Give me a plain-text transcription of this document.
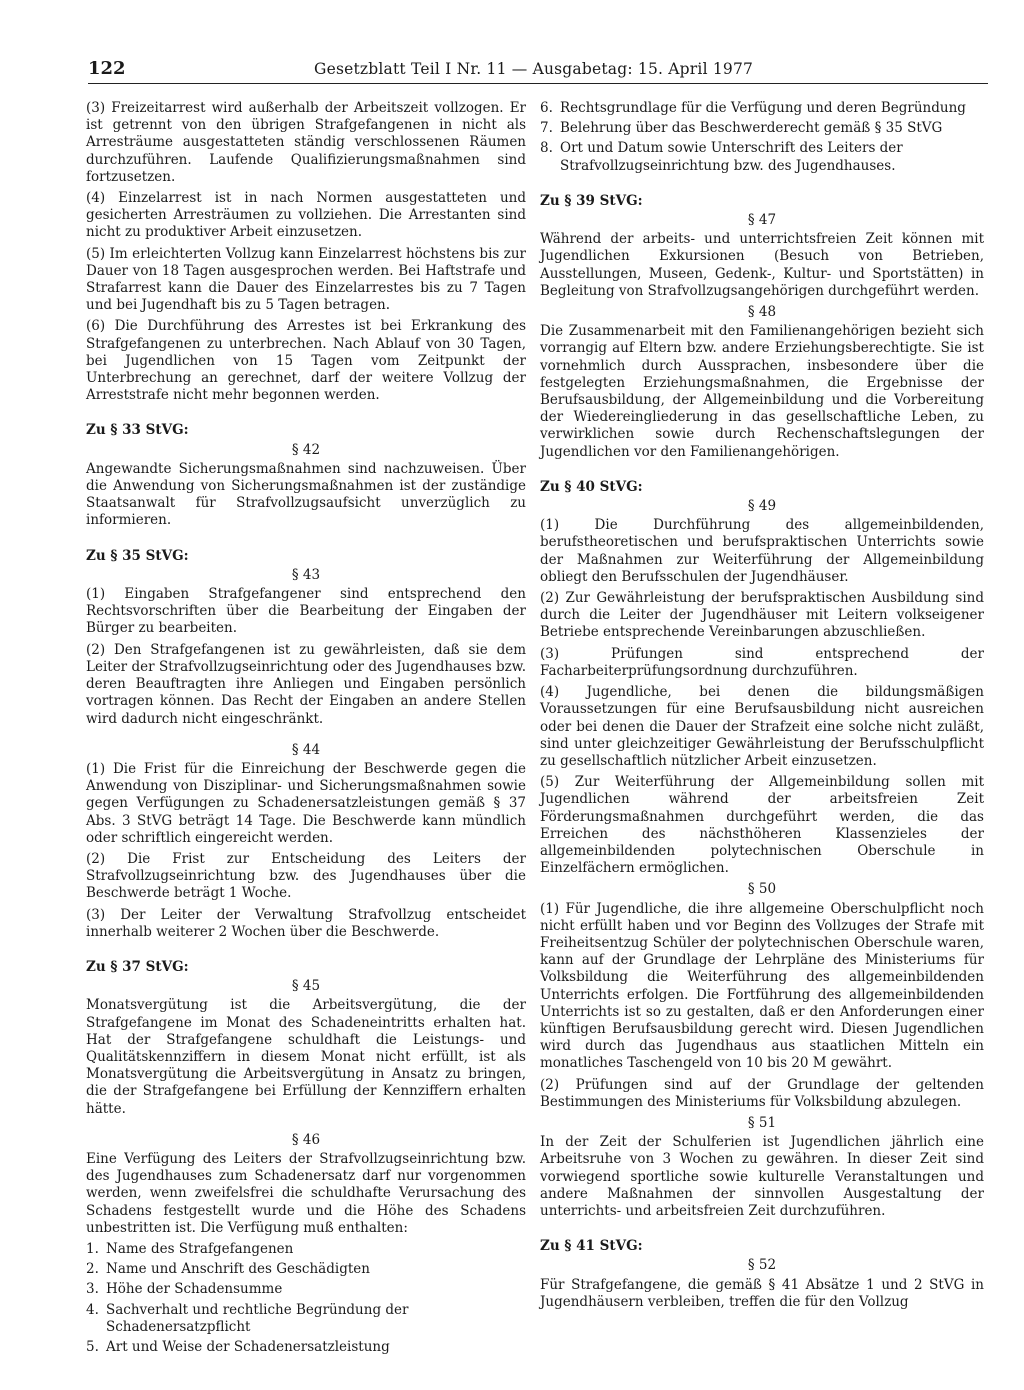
122	Gesetzblatt Teil I Nr. 11 — Ausgabetag: 15. April 1977

(3) Freizeitarrest wird außerhalb der Arbeitszeit vollzogen. Er ist getrennt von den übrigen Strafgefangenen in nicht als Arresträume ausgestatteten ständig verschlossenen Räumen durchzuführen. Laufende Qualifizierungsmaßnahmen sind fortzusetzen.

(4) Einzelarrest ist in nach Normen ausgestatteten und gesicherten Arresträumen zu vollziehen. Die Arrestanten sind nicht zu produktiver Arbeit einzusetzen.

(5) Im erleichterten Vollzug kann Einzelarrest höchstens bis zur Dauer von 18 Tagen ausgesprochen werden. Bei Haftstrafe und Strafarrest kann die Dauer des Einzelarrestes bis zu 7 Tagen und bei Jugendhaft bis zu 5 Tagen betragen.

(6) Die Durchführung des Arrestes ist bei Erkrankung des Strafgefangenen zu unterbrechen. Nach Ablauf von 30 Tagen, bei Jugendlichen von 15 Tagen vom Zeitpunkt der Unterbrechung an gerechnet, darf der weitere Vollzug der Arreststrafe nicht mehr begonnen werden.

Zu § 33 StVG:

§ 42

Angewandte Sicherungsmaßnahmen sind nachzuweisen. Über die Anwendung von Sicherungsmaßnahmen ist der zuständige Staatsanwalt für Strafvollzugsaufsicht unverzüglich zu informieren.

Zu § 35 StVG:

§ 43

(1) Eingaben Strafgefangener sind entsprechend den Rechtsvorschriften über die Bearbeitung der Eingaben der Bürger zu bearbeiten.

(2) Den Strafgefangenen ist zu gewährleisten, daß sie dem Leiter der Strafvollzugseinrichtung oder des Jugendhauses bzw. deren Beauftragten ihre Anliegen und Eingaben persönlich vortragen können. Das Recht der Eingaben an andere Stellen wird dadurch nicht eingeschränkt.

§ 44

(1) Die Frist für die Einreichung der Beschwerde gegen die Anwendung von Disziplinar- und Sicherungsmaßnahmen sowie gegen Verfügungen zu Schadenersatzleistungen gemäß § 37 Abs. 3 StVG beträgt 14 Tage. Die Beschwerde kann mündlich oder schriftlich eingereicht werden.

(2) Die Frist zur Entscheidung des Leiters der Strafvollzugseinrichtung bzw. des Jugendhauses über die Beschwerde beträgt 1 Woche.

(3) Der Leiter der Verwaltung Strafvollzug entscheidet innerhalb weiterer 2 Wochen über die Beschwerde.

Zu § 37 StVG:

§ 45

Monatsvergütung ist die Arbeitsvergütung, die der Strafgefangene im Monat des Schadeneintritts erhalten hat. Hat der Strafgefangene schuldhaft die Leistungs- und Qualitätskennziffern in diesem Monat nicht erfüllt, ist als Monatsvergütung die Arbeitsvergütung in Ansatz zu bringen, die der Strafgefangene bei Erfüllung der Kennziffern erhalten hätte.

§ 46

Eine Verfügung des Leiters der Strafvollzugseinrichtung bzw. des Jugendhauses zum Schadenersatz darf nur vorgenommen werden, wenn zweifelsfrei die schuldhafte Verursachung des Schadens festgestellt wurde und die Höhe des Schadens unbestritten ist. Die Verfügung muß enthalten:

1. Name des Strafgefangenen
2. Name und Anschrift des Geschädigten
3. Höhe der Schadensumme
4. Sachverhalt und rechtliche Begründung der Schadenersatzpflicht
5. Art und Weise der Schadenersatzleistung
6. Rechtsgrundlage für die Verfügung und deren Begründung
7. Belehrung über das Beschwerderecht gemäß § 35 StVG
8. Ort und Datum sowie Unterschrift des Leiters der Strafvollzugseinrichtung bzw. des Jugendhauses.

Zu § 39 StVG:

§ 47

Während der arbeits- und unterrichtsfreien Zeit können mit Jugendlichen Exkursionen (Besuch von Betrieben, Ausstellungen, Museen, Gedenk-, Kultur- und Sportstätten) in Begleitung von Strafvollzugsangehörigen durchgeführt werden.

§ 48

Die Zusammenarbeit mit den Familienangehörigen bezieht sich vorrangig auf Eltern bzw. andere Erziehungsberechtigte. Sie ist vornehmlich durch Aussprachen, insbesondere über die festgelegten Erziehungsmaßnahmen, die Ergebnisse der Berufsausbildung, der Allgemeinbildung und die Vorbereitung der Wiedereingliederung in das gesellschaftliche Leben, zu verwirklichen sowie durch Rechenschaftslegungen der Jugendlichen vor den Familienangehörigen.

Zu § 40 StVG:

§ 49

(1) Die Durchführung des allgemeinbildenden, berufstheoretischen und berufspraktischen Unterrichts sowie der Maßnahmen zur Weiterführung der Allgemeinbildung obliegt den Berufsschulen der Jugendhäuser.

(2) Zur Gewährleistung der berufspraktischen Ausbildung sind durch die Leiter der Jugendhäuser mit Leitern volkseigener Betriebe entsprechende Vereinbarungen abzuschließen.

(3) Prüfungen sind entsprechend der Facharbeiterprüfungsordnung durchzuführen.

(4) Jugendliche, bei denen die bildungsmäßigen Voraussetzungen für eine Berufsausbildung nicht ausreichen oder bei denen die Dauer der Strafzeit eine solche nicht zuläßt, sind unter gleichzeitiger Gewährleistung der Berufsschulpflicht zu gesellschaftlich nützlicher Arbeit einzusetzen.

(5) Zur Weiterführung der Allgemeinbildung sollen mit Jugendlichen während der arbeitsfreien Zeit Förderungsmaßnahmen durchgeführt werden, die das Erreichen des nächsthöheren Klassenzieles der allgemeinbildenden polytechnischen Oberschule in Einzelfächern ermöglichen.

§ 50

(1) Für Jugendliche, die ihre allgemeine Oberschulpflicht noch nicht erfüllt haben und vor Beginn des Vollzuges der Strafe mit Freiheitsentzug Schüler der polytechnischen Oberschule waren, kann auf der Grundlage der Lehrpläne des Ministeriums für Volksbildung die Weiterführung des allgemeinbildenden Unterrichts erfolgen. Die Fortführung des allgemeinbildenden Unterrichts ist so zu gestalten, daß er den Anforderungen einer künftigen Berufsausbildung gerecht wird. Diesen Jugendlichen wird durch das Jugendhaus aus staatlichen Mitteln ein monatliches Taschengeld von 10 bis 20 M gewährt.

(2) Prüfungen sind auf der Grundlage der geltenden Bestimmungen des Ministeriums für Volksbildung abzulegen.

§ 51

In der Zeit der Schulferien ist Jugendlichen jährlich eine Arbeitsruhe von 3 Wochen zu gewähren. In dieser Zeit sind vorwiegend sportliche sowie kulturelle Veranstaltungen und andere Maßnahmen der sinnvollen Ausgestaltung der unterrichts- und arbeitsfreien Zeit durchzuführen.

Zu § 41 StVG:

§ 52

Für Strafgefangene, die gemäß § 41 Absätze 1 und 2 StVG in Jugendhäusern verbleiben, treffen die für den Vollzug
